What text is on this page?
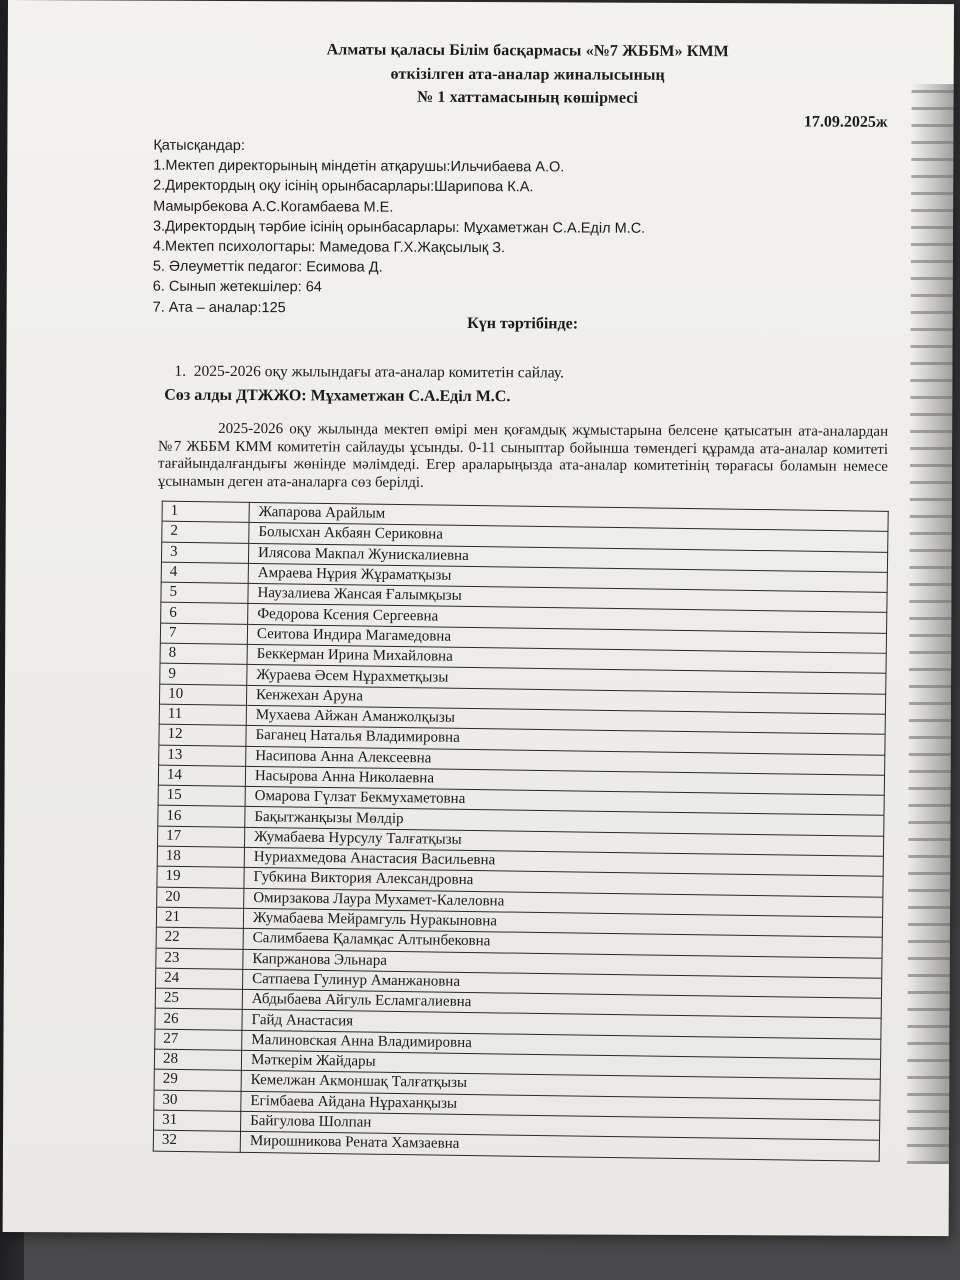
Алматы қаласы Білім басқармасы «№7 ЖББМ» КММ
өткізілген ата-аналар жиналысының
№ 1 хаттамасының көшірмесі
17.09.2025ж
Қатысқандар:
1.Мектеп директорының міндетін атқарушы:Ильчибаева А.О.
2.Директордың оқу ісінің орынбасарлары:Шарипова К.А.
Мамырбекова А.С.Когамбаева М.Е.
3.Директордың тәрбие ісінің орынбасарлары: Мұхаметжан С.А.Еділ М.С.
4.Мектеп психологтары: Мамедова Г.Х.Жақсылық З.
5. Әлеуметтік педагог: Есимова Д.
6. Сынып жетекшілер: 64
7. Ата – аналар:125
Күн тәртібінде:
1. 2025-2026 оқу жылындағы ата-аналар комитетін сайлау.
Сөз алды ДТЖЖО: Мұхаметжан С.А.Еділ М.С.
2025-2026 оқу жылында мектеп өмірі мен қоғамдық жұмыстарына белсене қатысатын ата-аналардан №7 ЖББМ КММ комитетін сайлауды ұсынды. 0-11 сыныптар бойынша төмендегі құрамда ата-аналар комитеті тағайындалғандығы жөнінде мәлімдеді. Егер араларыңызда ата-аналар комитетінің төрағасы боламын немесе ұсынамын деген ата-аналарға сөз берілді.
1	Жапарова Арайлым
2	Болысхан Акбаян Сериковна
3	Илясова Макпал Жунискалиевна
4	Амраева Нұрия Жұраматқызы
5	Наузалиева Жансая Ғалымқызы
6	Федорова Ксения Сергеевна
7	Сеитова Индира Магамедовна
8	Беккерман Ирина Михайловна
9	Жураева Әсем Нұрахметқызы
10	Кенжехан Аруна
11	Мухаева Айжан Аманжолқызы
12	Баганец Наталья Владимировна
13	Насипова Анна Алексеевна
14	Насырова Анна Николаевна
15	Омарова Гүлзат Бекмухаметовна
16	Бақытжанқызы Мөлдір
17	Жумабаева Нурсулу Талғатқызы
18	Нуриахмедова Анастасия Васильевна
19	Губкина Виктория Александровна
20	Омирзакова Лаура Мухамет-Калеловна
21	Жумабаева Мейрамгуль Нуракыновна
22	Салимбаева Қаламқас Алтынбековна
23	Капржанова Эльнара
24	Сатпаева Гулинур Аманжановна
25	Абдыбаева Айгуль Есламгалиевна
26	Гайд Анастасия
27	Малиновская Анна Владимировна
28	Мәткерім Жайдары
29	Кемелжан Акмоншақ Талғатқызы
30	Егімбаева Айдана Нұраханқызы
31	Байгулова Шолпан
32	Мирошникова Рената Хамзаевна
